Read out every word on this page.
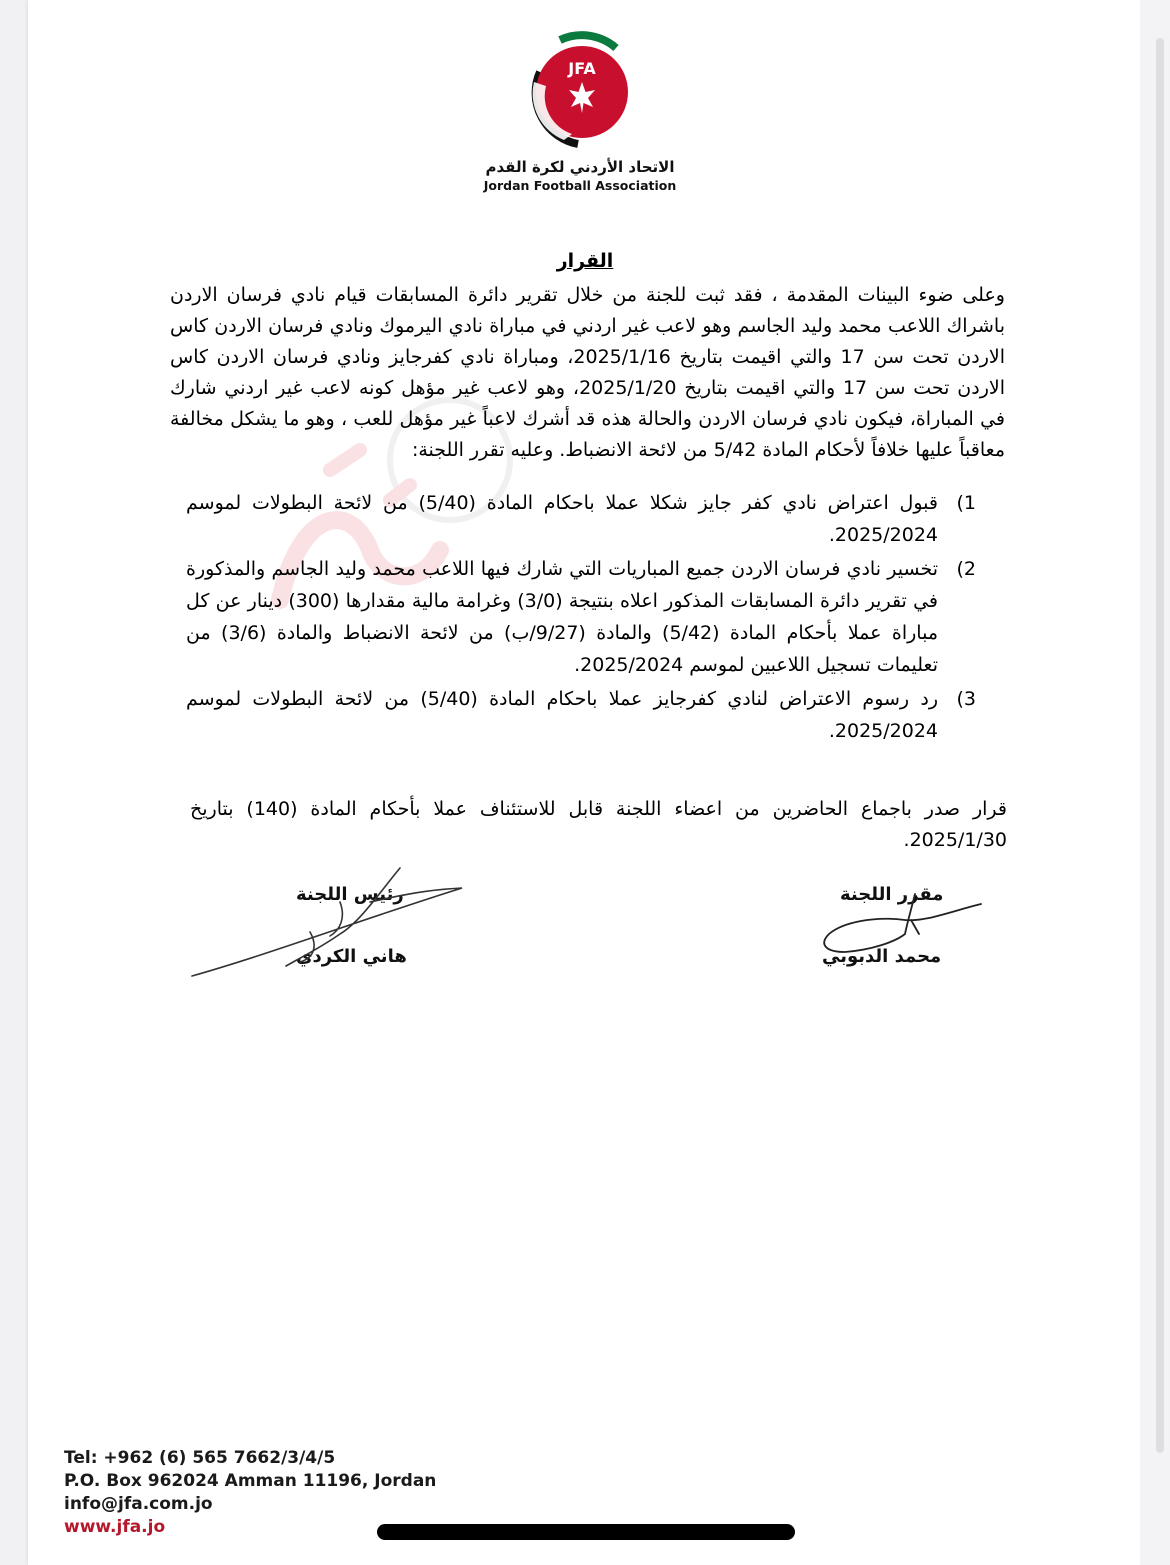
JFA
الاتحاد الأردني لكرة القدم
Jordan Football Association
القرار
وعلى ضوء البينات المقدمة ، فقد ثبت للجنة من خلال تقرير دائرة المسابقات قيام نادي فرسان الاردن باشراك اللاعب محمد وليد الجاسم وهو لاعب غير اردني في مباراة نادي اليرموك ونادي فرسان الاردن كاس الاردن تحت سن 17 والتي اقيمت بتاريخ 2025/1/16، ومباراة نادي كفرجايز ونادي فرسان الاردن كاس الاردن تحت سن 17 والتي اقيمت بتاريخ 2025/1/20، وهو لاعب غير مؤهل كونه لاعب غير اردني شارك في المباراة، فيكون نادي فرسان الاردن والحالة هذه قد أشرك لاعباً غير مؤهل للعب ، وهو ما يشكل مخالفة معاقباً عليها خلافاً لأحكام المادة 5/42 من لائحة الانضباط. وعليه تقرر اللجنة:
1)
قبول اعتراض نادي كفر جايز شكلا عملا باحكام المادة (5/40) من لائحة البطولات لموسم 2025/2024.
2)
تخسير نادي فرسان الاردن جميع المباريات التي شارك فيها اللاعب محمد وليد الجاسم والمذكورة في تقرير دائرة المسابقات المذكور اعلاه بنتيجة (3/0) وغرامة مالية مقدارها (300) دينار عن كل مباراة عملا بأحكام المادة (5/42) والمادة (9/27/ب) من لائحة الانضباط والمادة (3/6) من تعليمات تسجيل اللاعبين لموسم 2025/2024.
3)
رد رسوم الاعتراض لنادي كفرجايز عملا باحكام المادة (5/40) من لائحة البطولات لموسم 2025/2024.
قرار صدر باجماع الحاضرين من اعضاء اللجنة قابل للاستئناف عملا بأحكام المادة (140) بتاريخ 2025/1/30.
رئيس اللجنة
هاني الكردي
مقرر اللجنة
محمد الدبوبي
Tel: +962 (6) 565 7662/3/4/5
P.O. Box 962024 Amman 11196, Jordan
info@jfa.com.jo
www.jfa.jo
